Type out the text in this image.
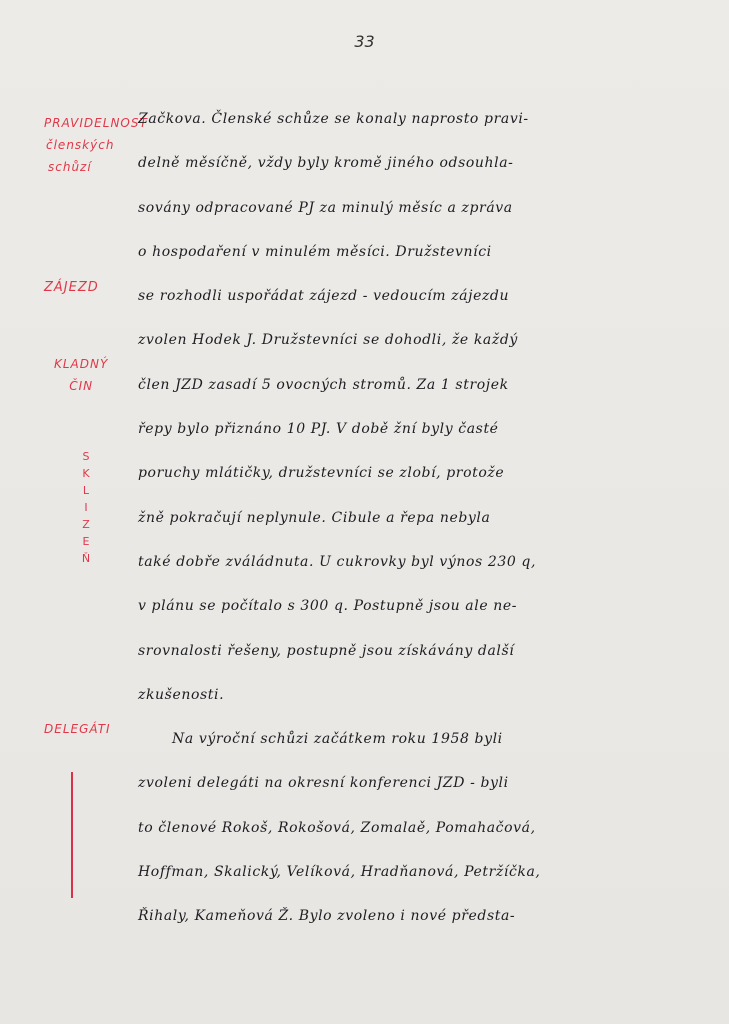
33
PRAVIDELNOST
členských
schůzí
ZÁJEZD
KLADNÝ
ČIN
S
K
L
I
Z
E
Ň
DELEGÁTI
Začkova. Členské schůze se konaly naprosto pravi-
delně měsíčně, vždy byly kromě jiného odsouhla-
sovány odpracované PJ za minulý měsíc a zpráva
o hospodaření v minulém měsíci. Družstevníci
se rozhodli uspořádat zájezd - vedoucím zájezdu
zvolen Hodek J. Družstevníci se dohodli, že každý
člen JZD zasadí 5 ovocných stromů. Za 1 strojek
řepy bylo přiznáno 10 PJ. V době žní byly časté
poruchy mlátičky, družstevníci se zlobí, protože
žně pokračují neplynule. Cibule a řepa nebyla
také dobře zváládnuta. U cukrovky byl výnos 230 q,
v plánu se počítalo s 300 q. Postupně jsou ale ne-
srovnalosti řešeny, postupně jsou získávány další
zkušenosti.
Na výroční schůzi začátkem roku 1958 byli
zvoleni delegáti na okresní konferenci JZD - byli
to členové Rokoš, Rokošová, Zomalaě, Pomahačová,
Hoffman, Skalický, Velíková, Hradňanová, Petržíčka,
Řihaly, Kameňová Ž. Bylo zvoleno i nové předsta-
